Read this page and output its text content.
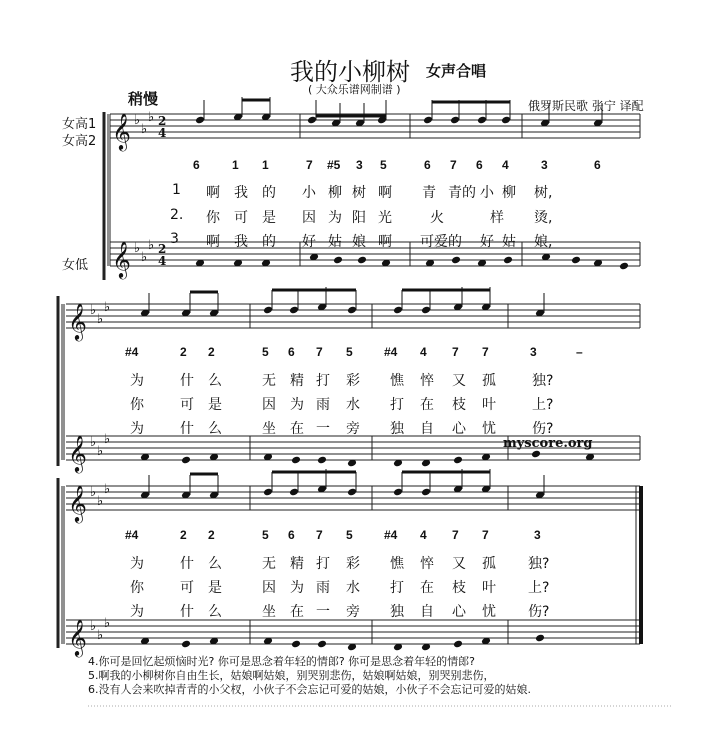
𝄞 ♭
♭
♭ 2
4
𝄞 ♭
♭
♭ 2
4
𝄞 ♭
♭
♭
𝄞 ♭
♭
♭
𝄞 ♭
♭
♭
𝄞 ♭
♭
♭
我的小柳树 女声合唱
( 大众乐谱网制谱 )
俄罗斯民歌 张宁 译配
稍慢
女高1
女高2
女低
myscore.org
6	1 1	7 #5 3 5	6 7 6 4	3	6
1 啊 我 的 小 柳 树 啊 青 青的 小 柳 树,
2. 你 可 是 因 为 阳 光	火	样 烫,
3 啊 我 的 好 姑 娘 啊 可爱的 好 姑 娘,
#4	2 2	5 6 7 5	#4 4 7 7	3	–
为	什 么	无 精 打 彩 憔 悴 又 孤	独?
你	可 是	因 为 雨 水 打 在 枝 叶	上?
为	什 么	坐 在 一 旁 独 自 心 忧	伤?
#4	2 2	5 6 7 5	#4 4 7 7	3
为	什 么	无 精 打 彩 憔 悴 又 孤 独?
你	可 是	因 为 雨 水 打 在 枝 叶 上?
为	什 么	坐 在 一 旁 独 自 心 忧 伤?
4.你可是回忆起烦恼时光? 你可是思念着年轻的情郎? 你可是思念着年轻的情郎?
5.啊我的小柳树你自由生长，姑娘啊姑娘，别哭别悲伤，姑娘啊姑娘，别哭别悲伤，
6.没有人会来吹掉青青的小父杈，小伙子不会忘记可爱的姑娘，小伙子不会忘记可爱的姑娘.
